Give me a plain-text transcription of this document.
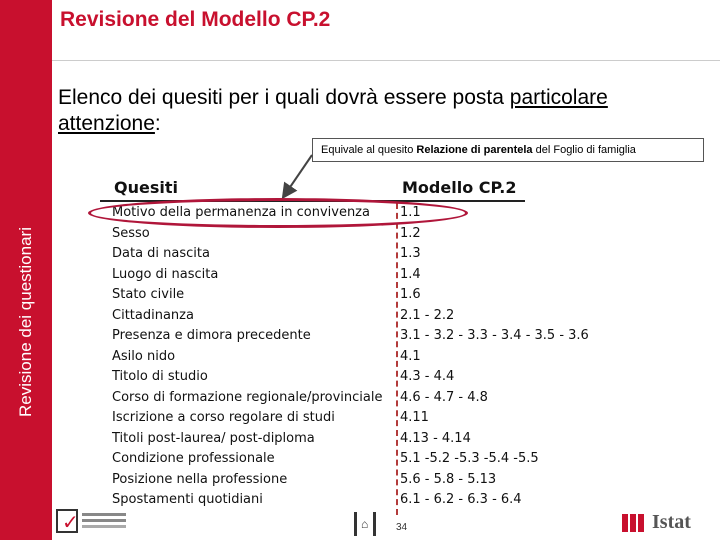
Revisione dei questionari
Revisione del Modello CP.2
Elenco dei quesiti per i quali dovrà essere posta particolare attenzione:
Equivale al quesito Relazione di parentela del Foglio di famiglia
Quesiti	Modello CP.2
Motivo della permanenza in convivenza 1.1
Sesso	1.2
Data di nascita	1.3
Luogo di nascita	1.4
Stato civile	1.6
Cittadinanza	2.1 - 2.2
Presenza e dimora precedente	3.1 - 3.2 - 3.3 - 3.4 - 3.5 - 3.6
Asilo nido	4.1
Titolo di studio	4.3 - 4.4
Corso di formazione regionale/provinciale 4.6 - 4.7 - 4.8
Iscrizione a corso regolare di studi	4.11
Titoli post-laurea/ post-diploma	4.13 - 4.14
Condizione professionale	5.1 -5.2 -5.3 -5.4 -5.5
Posizione nella professione	5.6 - 5.8 - 5.13
Spostamenti quotidiani	6.1 - 6.2 - 6.3 - 6.4
✓	⌂	34	Istat
